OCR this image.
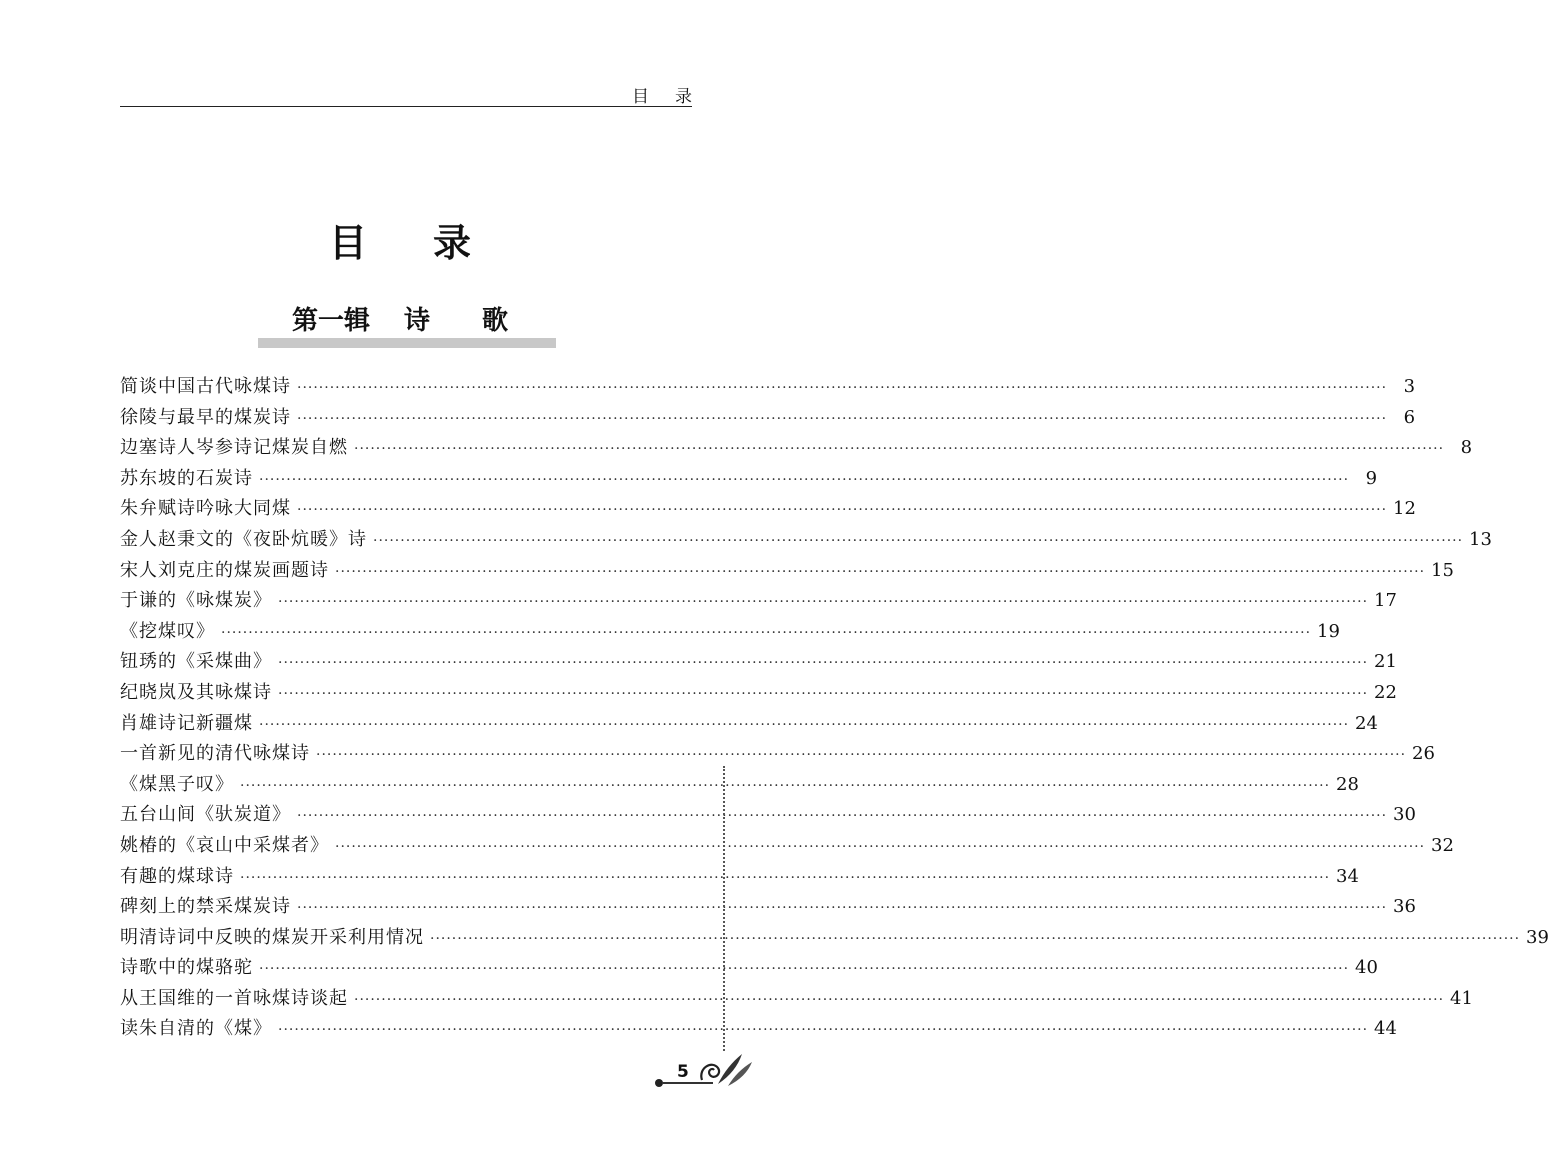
目录
目录
第一辑 诗歌
简谈中国古代咏煤诗 ········································································································································································································ 3
徐陵与最早的煤炭诗 ········································································································································································································ 6
边塞诗人岑参诗记煤炭自燃 ········································································································································································································ 8
苏东坡的石炭诗 ········································································································································································································ 9
朱弁赋诗吟咏大同煤 ········································································································································································································ 12
金人赵秉文的《夜卧炕暖》诗 ········································································································································································································ 13
宋人刘克庄的煤炭画题诗 ········································································································································································································ 15
于谦的《咏煤炭》 ········································································································································································································ 17
《挖煤叹》 ········································································································································································································ 19
钮琇的《采煤曲》 ········································································································································································································ 21
纪晓岚及其咏煤诗 ········································································································································································································ 22
肖雄诗记新疆煤 ········································································································································································································ 24
一首新见的清代咏煤诗 ········································································································································································································ 26
《煤黑子叹》 ········································································································································································································ 28
五台山间《驮炭道》 ········································································································································································································ 30
姚椿的《哀山中采煤者》 ········································································································································································································ 32
有趣的煤球诗 ········································································································································································································ 34
碑刻上的禁采煤炭诗 ········································································································································································································ 36
明清诗词中反映的煤炭开采利用情况 ········································································································································································································ 39
诗歌中的煤骆驼 ········································································································································································································ 40
从王国维的一首咏煤诗谈起 ········································································································································································································ 41
读朱自清的《煤》 ········································································································································································································ 44
5
